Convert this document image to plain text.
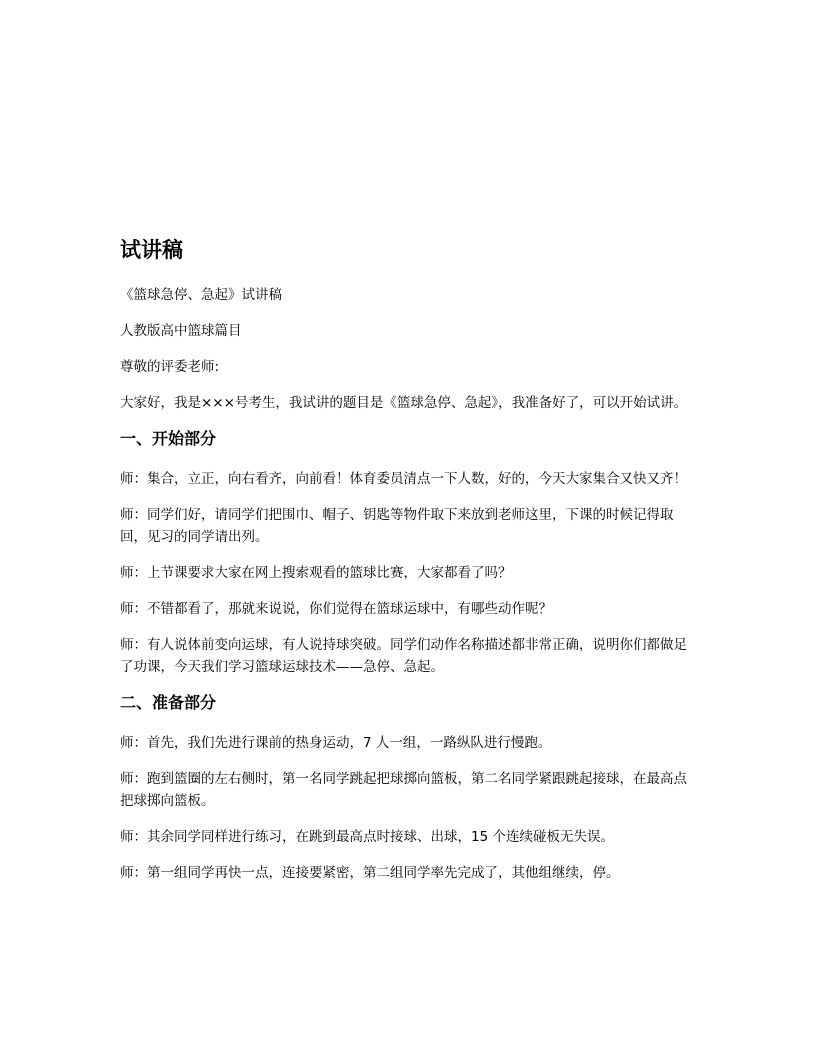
试讲稿

《篮球急停、急起》试讲稿

人教版高中篮球篇目

尊敬的评委老师:

大家好，我是×××号考生，我试讲的题目是《篮球急停、急起》，我准备好了，可以开始试讲。

一、开始部分

师：集合，立正，向右看齐，向前看！体育委员清点一下人数，好的，今天大家集合又快又齐！

师：同学们好，请同学们把围巾、帽子、钥匙等物件取下来放到老师这里，下课的时候记得取回，见习的同学请出列。

师：上节课要求大家在网上搜索观看的篮球比赛，大家都看了吗？

师：不错都看了，那就来说说，你们觉得在篮球运球中，有哪些动作呢？

师：有人说体前变向运球，有人说持球突破。同学们动作名称描述都非常正确，说明你们都做足了功课，今天我们学习篮球运球技术——急停、急起。

二、准备部分

师：首先，我们先进行课前的热身运动，7 人一组，一路纵队进行慢跑。

师：跑到篮圈的左右侧时，第一名同学跳起把球掷向篮板，第二名同学紧跟跳起接球，在最高点把球掷向篮板。

师：其余同学同样进行练习，在跳到最高点时接球、出球，15 个连续碰板无失误。

师：第一组同学再快一点，连接要紧密，第二组同学率先完成了，其他组继续，停。
